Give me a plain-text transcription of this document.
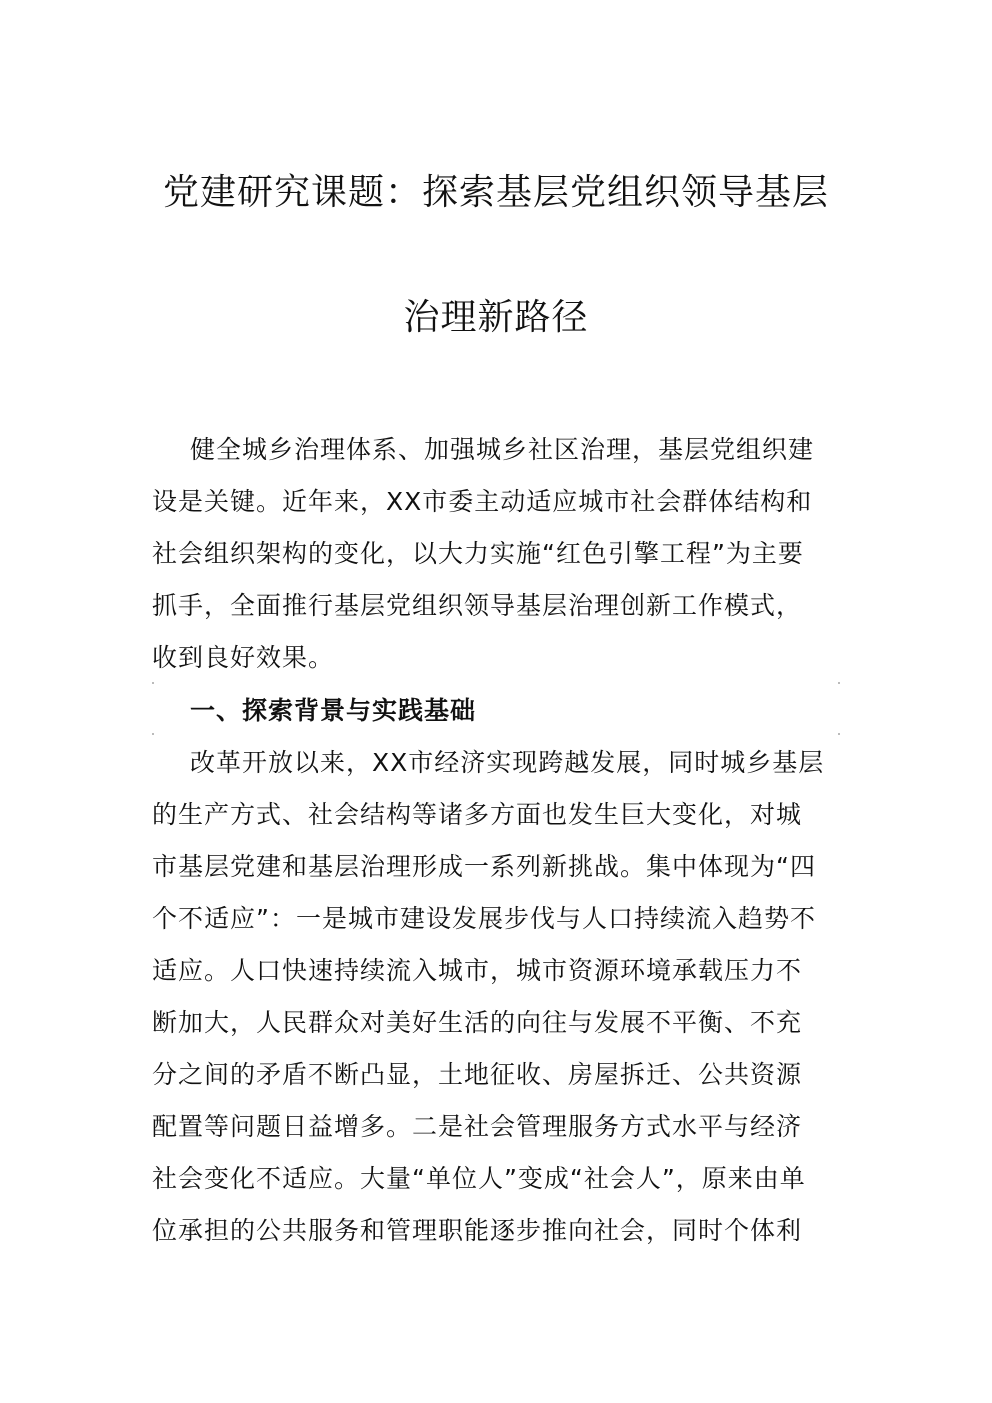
党建研究课题：探索基层党组织领导基层
治理新路径
健全城乡治理体系、加强城乡社区治理，基层党组织建
设是关键。近年来，XX市委主动适应城市社会群体结构和
社会组织架构的变化，以大力实施“红色引擎工程”为主要
抓手，全面推行基层党组织领导基层治理创新工作模式，
收到良好效果。
一、探索背景与实践基础
改革开放以来，XX市经济实现跨越发展，同时城乡基层
的生产方式、社会结构等诸多方面也发生巨大变化，对城
市基层党建和基层治理形成一系列新挑战。集中体现为“四
个不适应”：一是城市建设发展步伐与人口持续流入趋势不
适应。人口快速持续流入城市，城市资源环境承载压力不
断加大，人民群众对美好生活的向往与发展不平衡、不充
分之间的矛盾不断凸显，土地征收、房屋拆迁、公共资源
配置等问题日益增多。二是社会管理服务方式水平与经济
社会变化不适应。大量“单位人”变成“社会人”，原来由单
位承担的公共服务和管理职能逐步推向社会，同时个体利
